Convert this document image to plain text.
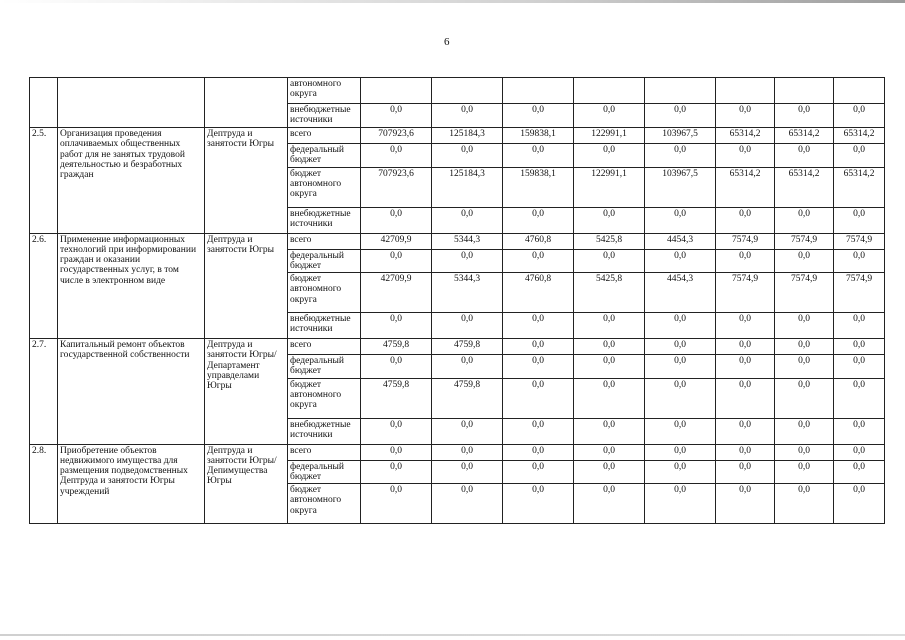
6
			автономного округа								
			внебюджетные источники	0,0	0,0	0,0	0,0	0,0	0,0	0,0	0,0
2.5.	Организация проведения оплачиваемых общественных работ для не занятых трудовой деятельностью и безработных граждан	Дептруда и занятости Югры	всего	707923,6	125184,3	159838,1	122991,1	103967,5	65314,2	65314,2	65314,2
			федеральный бюджет	0,0	0,0	0,0	0,0	0,0	0,0	0,0	0,0
			бюджет автономного округа	707923,6	125184,3	159838,1	122991,1	103967,5	65314,2	65314,2	65314,2
			внебюджетные источники	0,0	0,0	0,0	0,0	0,0	0,0	0,0	0,0
2.6.	Применение информационных технологий при информировании граждан и оказании государственных услуг, в том числе в электронном виде	Дептруда и занятости Югры	всего	42709,9	5344,3	4760,8	5425,8	4454,3	7574,9	7574,9	7574,9
			федеральный бюджет	0,0	0,0	0,0	0,0	0,0	0,0	0,0	0,0
			бюджет автономного округа	42709,9	5344,3	4760,8	5425,8	4454,3	7574,9	7574,9	7574,9
			внебюджетные источники	0,0	0,0	0,0	0,0	0,0	0,0	0,0	0,0
2.7.	Капитальный ремонт объектов государственной собственности	Дептруда и занятости Югры/Департамент управделами Югры	всего	4759,8	4759,8	0,0	0,0	0,0	0,0	0,0	0,0
			федеральный бюджет	0,0	0,0	0,0	0,0	0,0	0,0	0,0	0,0
			бюджет автономного округа	4759,8	4759,8	0,0	0,0	0,0	0,0	0,0	0,0
			внебюджетные источники	0,0	0,0	0,0	0,0	0,0	0,0	0,0	0,0
2.8.	Приобретение объектов недвижимого имущества для размещения подведомственных Дептруда и занятости Югры учреждений	Дептруда и занятости Югры/Депимущества Югры	всего	0,0	0,0	0,0	0,0	0,0	0,0	0,0	0,0
			федеральный бюджет	0,0	0,0	0,0	0,0	0,0	0,0	0,0	0,0
			бюджет автономного округа	0,0	0,0	0,0	0,0	0,0	0,0	0,0	0,0
